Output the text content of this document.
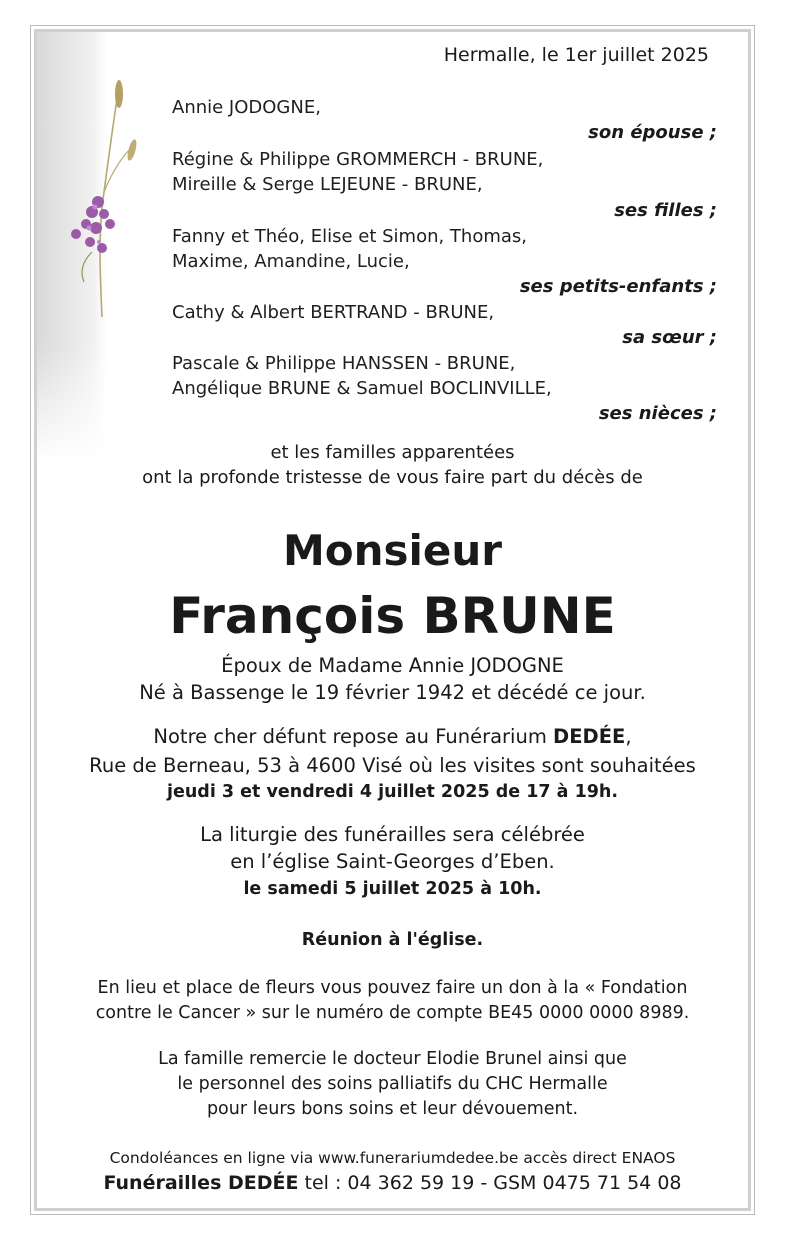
Hermalle, le 1er juillet 2025
Annie JODOGNE,
son épouse ;
Régine & Philippe GROMMERCH - BRUNE,
Mireille & Serge LEJEUNE - BRUNE,
ses filles ;
Fanny et Théo, Elise et Simon, Thomas,
Maxime, Amandine, Lucie,
ses petits-enfants ;
Cathy & Albert BERTRAND - BRUNE,
sa sœur ;
Pascale & Philippe HANSSEN - BRUNE,
Angélique BRUNE & Samuel BOCLINVILLE,
ses nièces ;
et les familles apparentées
ont la profonde tristesse de vous faire part du décès de
Monsieur
François BRUNE
Époux de Madame Annie JODOGNE
Né à Bassenge le 19 février 1942 et décédé ce jour.
Notre cher défunt repose au Funérarium DEDÉE,
Rue de Berneau, 53 à 4600 Visé où les visites sont souhaitées
jeudi 3 et vendredi 4 juillet 2025 de 17 à 19h.
La liturgie des funérailles sera célébrée
en l’église Saint-Georges d’Eben.
le samedi 5 juillet 2025 à 10h.
Réunion à l'église.
En lieu et place de fleurs vous pouvez faire un don à la « Fondation
contre le Cancer » sur le numéro de compte BE45 0000 0000 8989.
La famille remercie le docteur Elodie Brunel ainsi que
le personnel des soins palliatifs du CHC Hermalle
pour leurs bons soins et leur dévouement.
Condoléances en ligne via www.funerariumdedee.be accès direct ENAOS
Funérailles DEDÉE tel : 04 362 59 19 - GSM 0475 71 54 08
